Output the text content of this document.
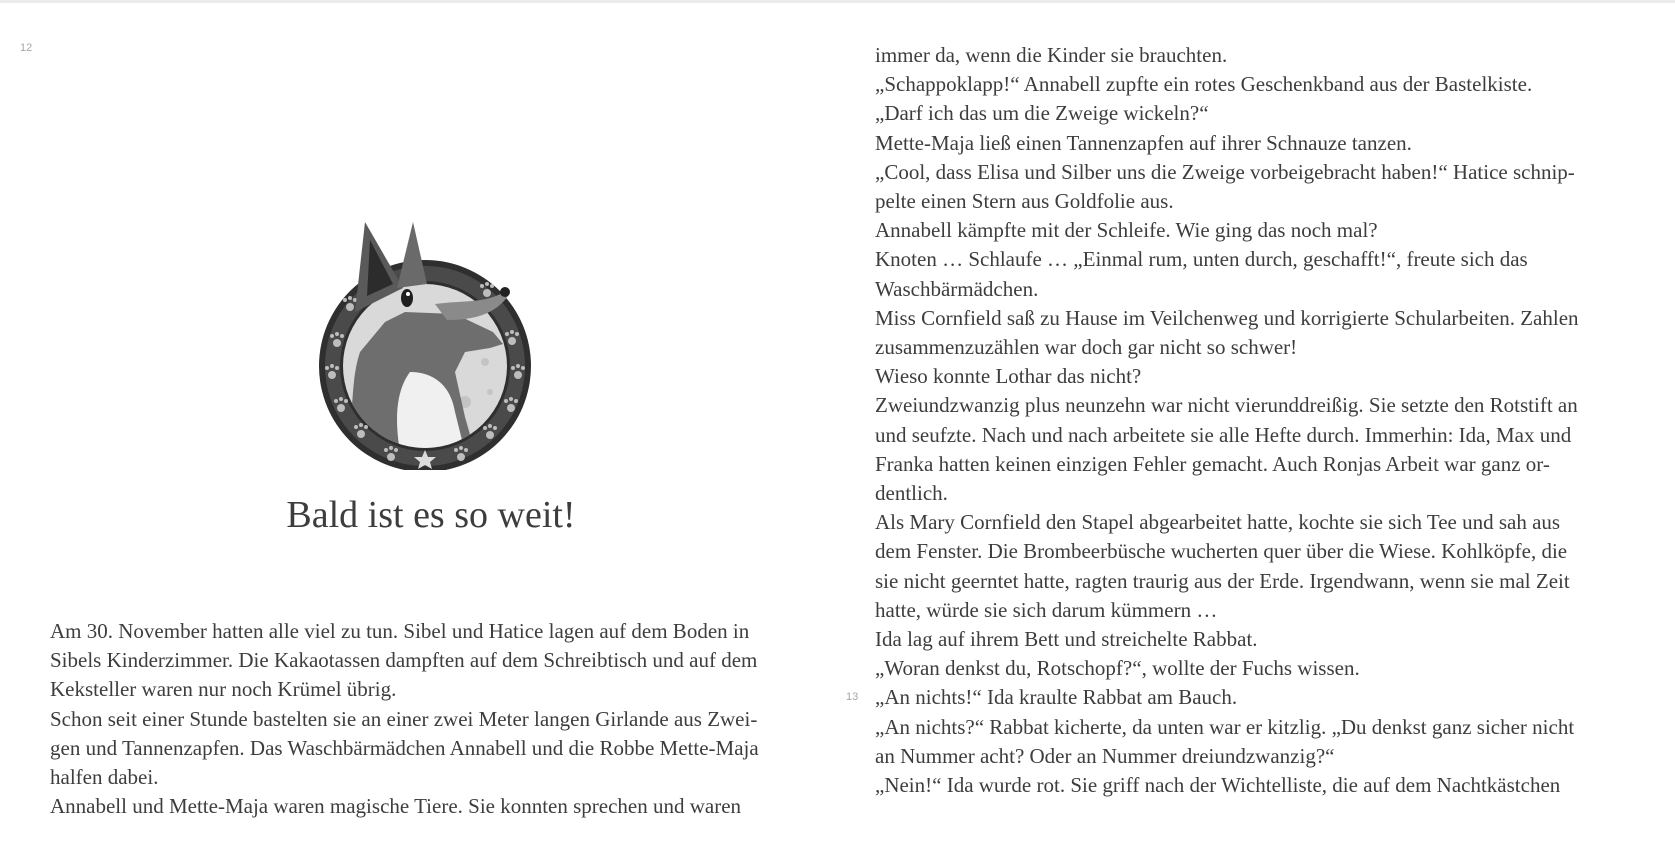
12
13
Bald ist es so weit!
Am 30. November hatten alle viel zu tun. Sibel und Hatice lagen auf dem Boden in
Sibels Kinderzimmer. Die Kakaotassen dampften auf dem Schreibtisch und auf dem
Keksteller waren nur noch Krümel übrig.
Schon seit einer Stunde bastelten sie an einer zwei Meter langen Girlande aus Zwei-
gen und Tannenzapfen. Das Waschbärmädchen Annabell und die Robbe Mette-Maja
halfen dabei.
Annabell und Mette-Maja waren magische Tiere. Sie konnten sprechen und waren
immer da, wenn die Kinder sie brauchten.
„Schappoklapp!“ Annabell zupfte ein rotes Geschenkband aus der Bastelkiste.
„Darf ich das um die Zweige wickeln?“
Mette-Maja ließ einen Tannenzapfen auf ihrer Schnauze tanzen.
„Cool, dass Elisa und Silber uns die Zweige vorbeigebracht haben!“ Hatice schnip-
pelte einen Stern aus Goldfolie aus.
Annabell kämpfte mit der Schleife. Wie ging das noch mal?
Knoten … Schlaufe … „Einmal rum, unten durch, geschafft!“, freute sich das
Waschbärmädchen.
Miss Cornfield saß zu Hause im Veilchenweg und korrigierte Schularbeiten. Zahlen
zusammenzuzählen war doch gar nicht so schwer!
Wieso konnte Lothar das nicht?
Zweiundzwanzig plus neunzehn war nicht vierunddreißig. Sie setzte den Rotstift an
und seufzte. Nach und nach arbeitete sie alle Hefte durch. Immerhin: Ida, Max und
Franka hatten keinen einzigen Fehler gemacht. Auch Ronjas Arbeit war ganz or-
dentlich.
Als Mary Cornfield den Stapel abgearbeitet hatte, kochte sie sich Tee und sah aus
dem Fenster. Die Brombeerbüsche wucherten quer über die Wiese. Kohlköpfe, die
sie nicht geerntet hatte, ragten traurig aus der Erde. Irgendwann, wenn sie mal Zeit
hatte, würde sie sich darum kümmern …
Ida lag auf ihrem Bett und streichelte Rabbat.
„Woran denkst du, Rotschopf?“, wollte der Fuchs wissen.
„An nichts!“ Ida kraulte Rabbat am Bauch.
„An nichts?“ Rabbat kicherte, da unten war er kitzlig. „Du denkst ganz sicher nicht
an Nummer acht? Oder an Nummer dreiundzwanzig?“
„Nein!“ Ida wurde rot. Sie griff nach der Wichtelliste, die auf dem Nachtkästchen
